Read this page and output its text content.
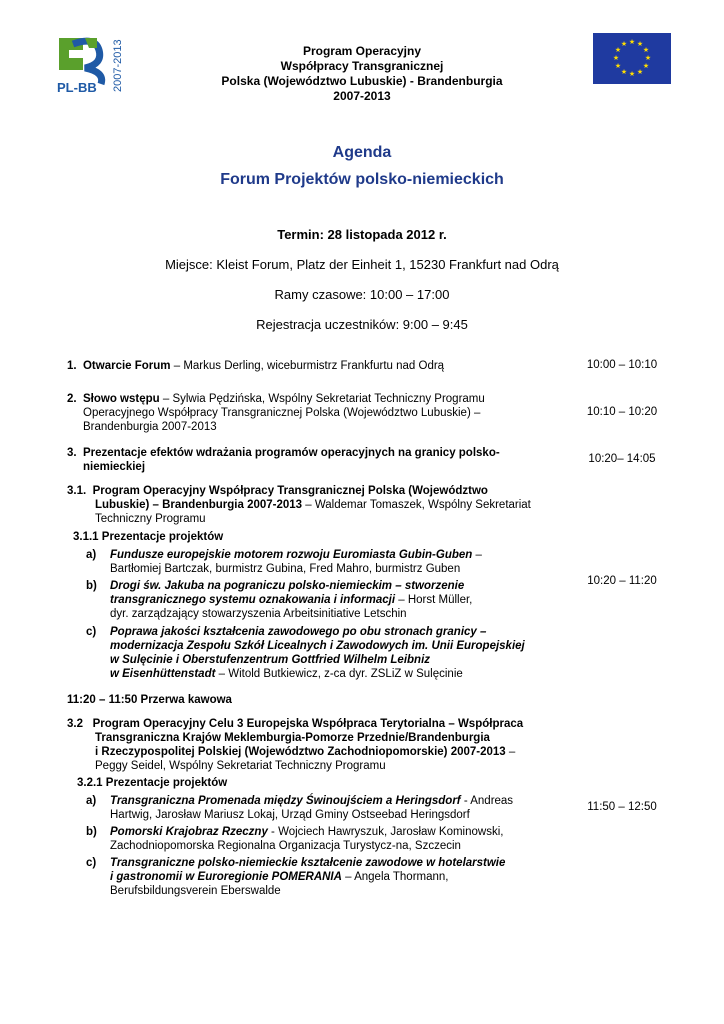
PL-BB 2007-2013	★ ★
★
★
★
★
★
★
★
★
★
★
Program Operacyjny
Współpracy Transgranicznej
Polska (Województwo Lubuskie) - Brandenburgia
2007-2013
Agenda
Forum Projektów polsko-niemieckich
Termin: 28 listopada 2012 r.
Miejsce: Kleist Forum, Platz der Einheit 1, 15230 Frankfurt nad Odrą
Ramy czasowe: 10:00 – 17:00
Rejestracja uczestników: 9:00 – 9:45
1. Otwarcie Forum – Markus Derling, wiceburmistrz Frankfurtu nad Odrą	10:00 – 10:10
2. Słowo wstępu – Sylwia Pędzińska, Wspólny Sekretariat Techniczny Programu
Operacyjnego Współpracy Transgranicznej Polska (Województwo Lubuskie) –
Brandenburgia 2007-2013
10:10 – 10:20
3. Prezentacje efektów wdrażania programów operacyjnych na granicy polsko-
niemieckiej
10:20– 14:05
3.1. Program Operacyjny Współpracy Transgranicznej Polska (Województwo
Lubuskie) – Brandenburgia 2007-2013 – Waldemar Tomaszek, Wspólny Sekretariat
Techniczny Programu
3.1.1 Prezentacje projektów
a) Fundusze europejskie motorem rozwoju Euromiasta Gubin-Guben –
Bartłomiej Bartczak, burmistrz Gubina, Fred Mahro, burmistrz Guben
b) Drogi św. Jakuba na pograniczu polsko-niemieckim – stworzenie
transgranicznego systemu oznakowania i informacji – Horst Müller,
dyr. zarządzający stowarzyszenia Arbeitsinitiative Letschin
c) Poprawa jakości kształcenia zawodowego po obu stronach granicy –
modernizacja Zespołu Szkół Licealnych i Zawodowych im. Unii Europejskiej
w Sulęcinie i Oberstufenzentrum Gottfried Wilhelm Leibniz
w Eisenhüttenstadt – Witold Butkiewicz, z-ca dyr. ZSLiZ w Sulęcinie
10:20 – 11:20
11:20 – 11:50 Przerwa kawowa
3.2 Program Operacyjny Celu 3 Europejska Współpraca Terytorialna – Współpraca
Transgraniczna Krajów Meklemburgia-Pomorze Przednie/Brandenburgia
i Rzeczypospolitej Polskiej (Województwo Zachodniopomorskie) 2007-2013 –
Peggy Seidel, Wspólny Sekretariat Techniczny Programu
3.2.1 Prezentacje projektów
a) Transgraniczna Promenada między Świnoujściem a Heringsdorf - Andreas
Hartwig, Jarosław Mariusz Lokaj, Urząd Gminy Ostseebad Heringsdorf
b) Pomorski Krajobraz Rzeczny - Wojciech Hawryszuk, Jarosław Kominowski,
Zachodniopomorska Regionalna Organizacja Turystycz-na, Szczecin
c) Transgraniczne polsko-niemieckie kształcenie zawodowe w hotelarstwie
i gastronomii w Euroregionie POMERANIA – Angela Thormann,
Berufsbildungsverein Eberswalde
11:50 – 12:50
